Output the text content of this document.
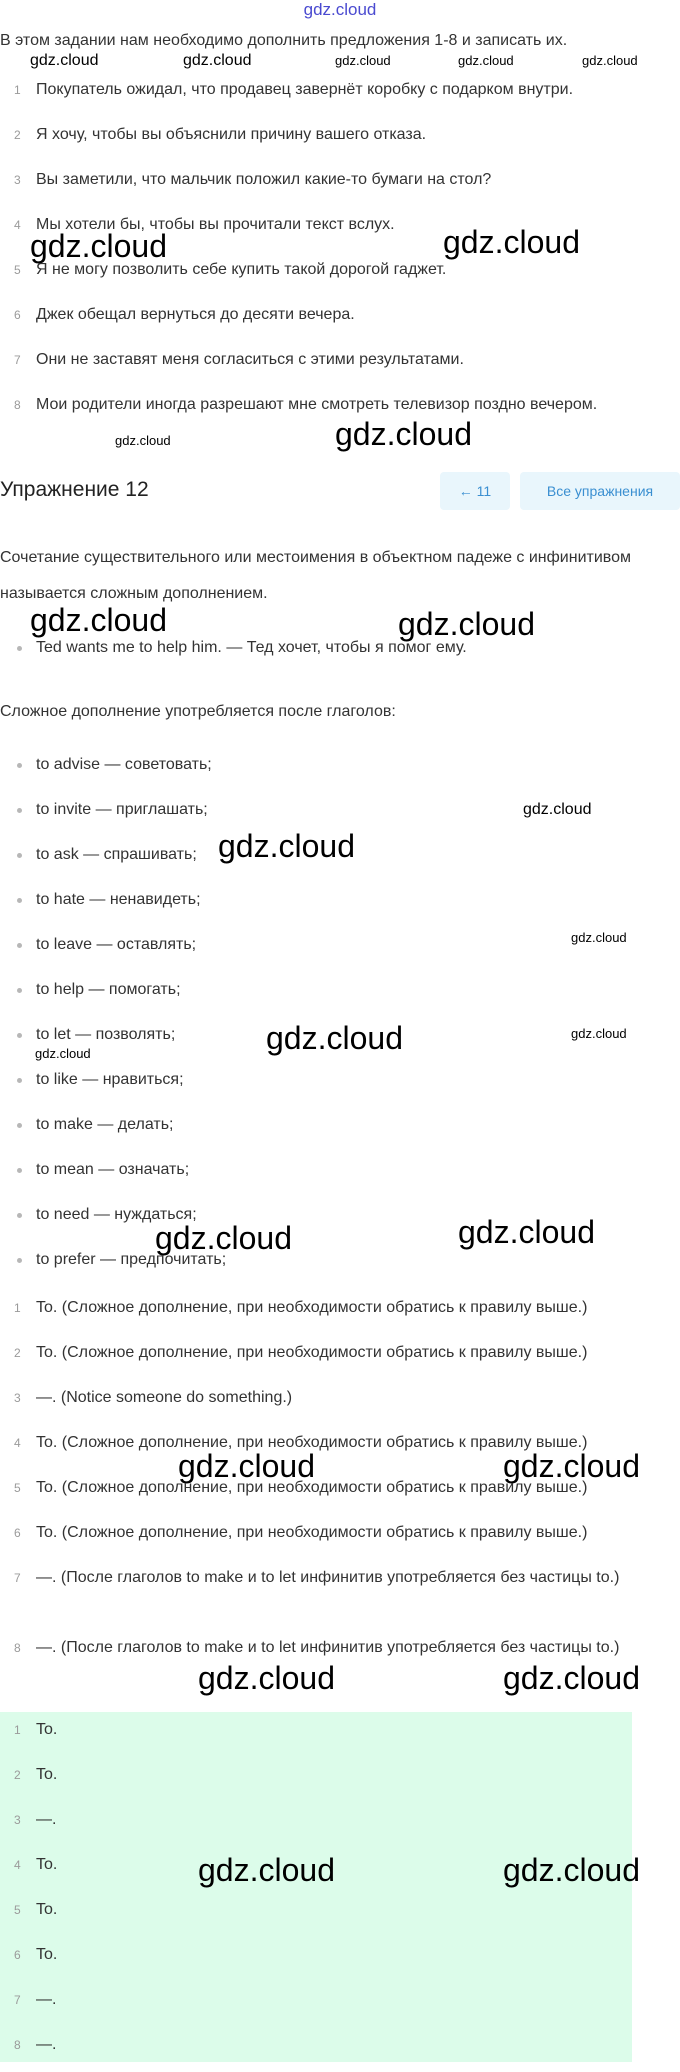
gdz.cloud
В этом задании нам необходимо дополнить предложения 1-8 и записать их.
1 Покупатель ожидал, что продавец завернёт коробку с подарком внутри.
2 Я хочу, чтобы вы объяснили причину вашего отказа.
3 Вы заметили, что мальчик положил какие-то бумаги на стол?
4 Мы хотели бы, чтобы вы прочитали текст вслух.
5 Я не могу позволить себе купить такой дорогой гаджет.
6 Джек обещал вернуться до десяти вечера.
7 Они не заставят меня согласиться с этими результатами.
8 Мои родители иногда разрешают мне смотреть телевизор поздно вечером.
Упражнение 12	← 11	Все упражнения
Сочетание существительного или местоимения в объектном падеже с инфинитивом называется сложным дополнением.
Ted wants me to help him. — Тед хочет, чтобы я помог ему.
Сложное дополнение употребляется после глаголов:
to advise — советовать;
to invite — приглашать;
to ask — спрашивать;
to hate — ненавидеть;
to leave — оставлять;
to help — помогать;
to let — позволять;
to like — нравиться;
to make — делать;
to mean — означать;
to need — нуждаться;
to prefer — предпочитать;
1 To. (Сложное дополнение, при необходимости обратись к правилу выше.)
2 To. (Сложное дополнение, при необходимости обратись к правилу выше.)
3 —. (Notice someone do something.)
4 To. (Сложное дополнение, при необходимости обратись к правилу выше.)
5 To. (Сложное дополнение, при необходимости обратись к правилу выше.)
6 To. (Сложное дополнение, при необходимости обратись к правилу выше.)
7 —. (После глаголов to make и to let инфинитив употребляется без частицы to.)
8 —. (После глаголов to make и to let инфинитив употребляется без частицы to.)
1 To.
2 To.
3 —.
4 To.
5 To.
6 To.
7 —.
8 —.
gdz.cloud	gdz.cloud	gdz.cloud	gdz.cloud	gdz.cloud
gdz.cloud	gdz.cloud
gdz.cloud	gdz.cloud
gdz.cloud	gdz.cloud
gdz.cloud
gdz.cloud
gdz.cloud
gdz.cloud	gdz.cloud
gdz.cloud
gdz.cloud	gdz.cloud
gdz.cloud	gdz.cloud
gdz.cloud	gdz.cloud
gdz.cloud	gdz.cloud
